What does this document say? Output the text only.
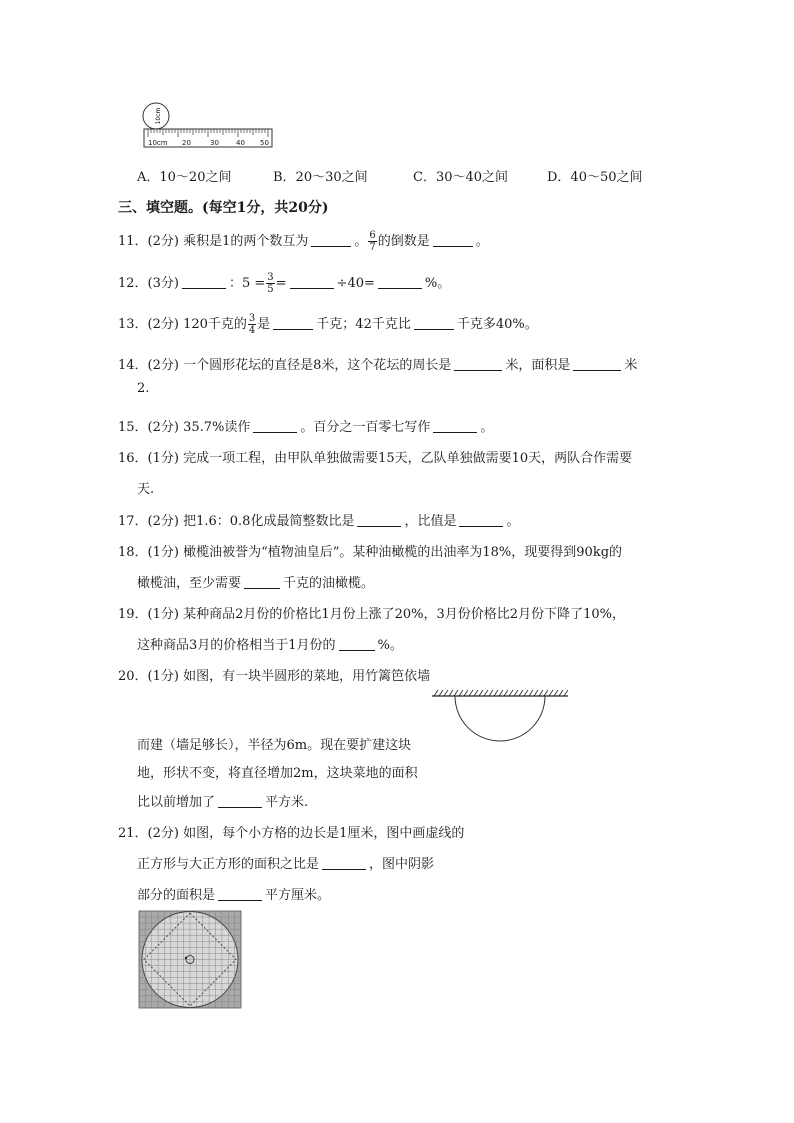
10cm
10cm 20	30 40 50
A．10～20之间	B．20～30之间	C．30～40之间	D．40～50之间
三、填空题。(每空1分，共20分)
11．(2分) 乘积是1的两个数互为	。 $\frac{6}{7}$ 的倒数是	。
12．(3分)	：$5 = \frac{3}{5}$ =	÷40=	%。
13．(2分) 120千克的 $\frac{3}{4}$ 是	千克；42千克比	千克多40%。
14．(2分) 一个圆形花坛的直径是8米，这个花坛的周长是	米，面积是	米
2.
15．(2分) 35.7%读作	。百分之一百零七写作	。
16．(1分) 完成一项工程，由甲队单独做需要15天，乙队单独做需要10天，两队合作需要
天.
17．(2分) 把1.6：0.8化成最简整数比是	，比值是	。
18．(1分) 橄榄油被誉为“植物油皇后”。某种油橄榄的出油率为18%，现要得到90kg的
橄榄油，至少需要	千克的油橄榄。
19．(1分) 某种商品2月份的价格比1月份上涨了20%，3月份价格比2月份下降了10%，
这种商品3月的价格相当于1月份的	%。
20．(1分) 如图，有一块半圆形的菜地，用竹篱笆依墙
而建（墙足够长），半径为6m。现在要扩建这块
地，形状不变，将直径增加2m，这块菜地的面积
比以前增加了	平方米.
21．(2分) 如图，每个小方格的边长是1厘米，图中画虚线的
正方形与大正方形的面积之比是	，图中阴影
部分的面积是	平方厘米。
